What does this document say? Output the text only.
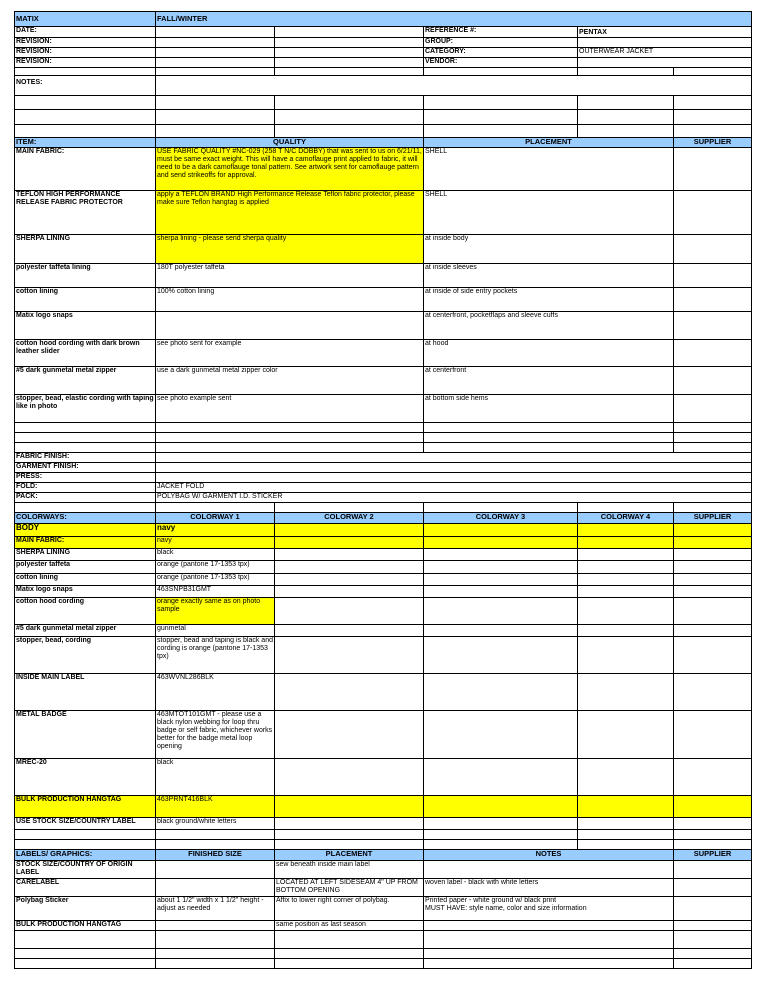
MATIX	FALL/WINTER				
DATE:			REFERENCE #:	PENTAX	
REVISION:			GROUP:		
REVISION:			CATEGORY:	OUTERWEAR JACKET	
REVISION:			VENDOR:		

NOTES:					

ITEM:	QUALITY		PLACEMENT		SUPPLIER
MAIN FABRIC:	USE FABRIC QUALITY #NC-029 (258 T N/C DOBBY) that was sent to us on 6/21/11, must be same exact weight. This will have a camoflauge print applied to fabric, it will need to be a dark camoflauge tonal pattern. See artwork sent for camoflauge pattern and send strikeoffs for approval.		SHELL		
TEFLON HIGH PERFORMANCE RELEASE FABRIC PROTECTOR	apply a TEFLON BRAND High Performance Release Teflon fabric protector, please make sure Teflon hangtag is applied		SHELL		
SHERPA LINING	sherpa lining - please send sherpa quality		at inside body		
polyester taffeta lining	180T polyester taffeta		at inside sleeves		
cotton lining	100% cotton lining		at inside of side entry pockets		
Matix logo snaps			at centerfront, pocketflaps and sleeve cuffs		
cotton hood cording with dark brown leather slider	see photo sent for example		at hood		
#5 dark gunmetal metal zipper	use a dark gunmetal metal zipper color		at centerfront		
stopper, bead, elastic cording with taping like in photo	see photo example sent		at bottom side hems		

FABRIC FINISH:					
GARMENT FINISH:					
PRESS:					
FOLD:	JACKET FOLD				
PACK:	POLYBAG W/ GARMENT I.D. STICKER				

COLORWAYS:	COLORWAY 1	COLORWAY 2	COLORWAY 3	COLORWAY 4	SUPPLIER
BODY	navy				
MAIN FABRIC:	navy				
SHERPA LINING	black				
polyester taffeta	orange (pantone 17-1353 tpx)				
cotton lining	orange (pantone 17-1353 tpx)				
Matix logo snaps	463SNPB31GMT				
cotton hood cording	orange exactly same as on photo sample				
#5 dark gunmetal metal zipper	gunmetal				
stopper, bead, cording	stopper, bead and taping is black and cording is orange (pantone 17-1353 tpx)				
INSIDE MAIN LABEL	463WVNL286BLK				
METAL BADGE	463MTOT101GMT - please use a black nylon webbing for loop thru badge or self fabric, whichever works better for the badge metal loop opening				
MREC-20	black				
BULK PRODUCTION HANGTAG	463PRNT416BLK				
USE STOCK SIZE/COUNTRY LABEL	black ground/white letters				

LABELS/ GRAPHICS:	FINISHED SIZE	PLACEMENT	NOTES		SUPPLIER
STOCK SIZE/COUNTRY OF ORIGIN LABEL		sew beneath inside main label			
CARELABEL		LOCATED AT LEFT SIDESEAM 4" UP FROM BOTTOM OPENING	woven label - black with white letters		
Polybag Sticker	about 1 1/2" width x 1 1/2" height - adjust as needed	Affix to lower right corner of polybag.	Printed paper - white ground w/ black print
MUST HAVE: style name, color and size information		
BULK PRODUCTION HANGTAG		same position as last season			
